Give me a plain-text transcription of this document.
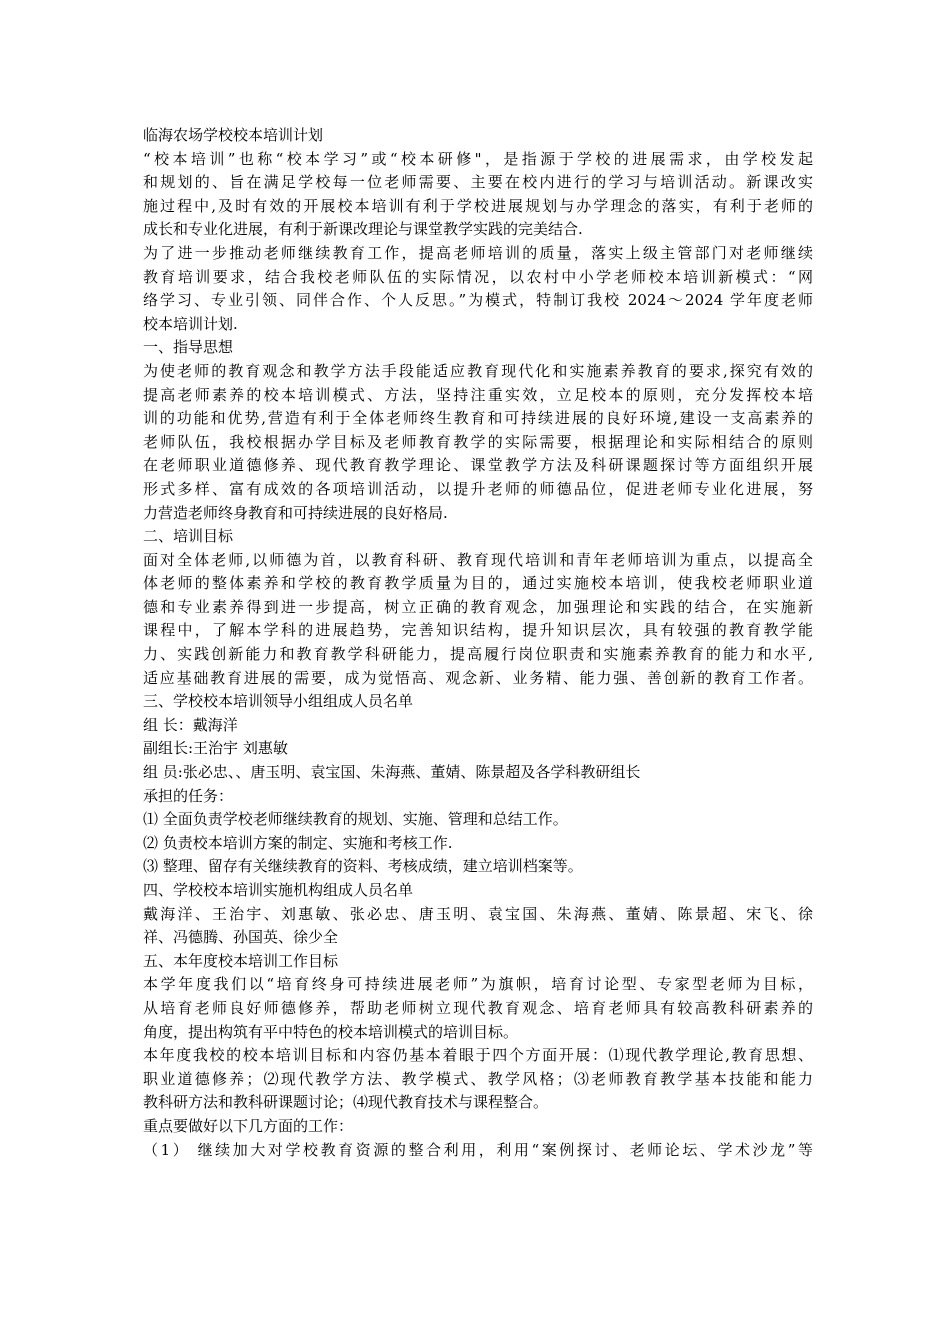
临海农场学校校本培训计划
“校本培训”也称“校本学习”或“校本研修"，是指源于学校的进展需求，由学校发起
和规划的、旨在满足学校每一位老师需要、主要在校内进行的学习与培训活动。新课改实
施过程中,及时有效的开展校本培训有利于学校进展规划与办学理念的落实，有利于老师的
成长和专业化进展，有利于新课改理论与课堂教学实践的完美结合.
为了进一步推动老师继续教育工作，提高老师培训的质量，落实上级主管部门对老师继续
教育培训要求，结合我校老师队伍的实际情况，以农村中小学老师校本培训新模式：“网
络学习、专业引领、同伴合作、个人反思。”为模式，特制订我校 2024～2024 学年度老师
校本培训计划.
一、指导思想
为使老师的教育观念和教学方法手段能适应教育现代化和实施素养教育的要求,探究有效的
提高老师素养的校本培训模式、方法，坚持注重实效，立足校本的原则，充分发挥校本培
训的功能和优势,营造有利于全体老师终生教育和可持续进展的良好环境,建设一支高素养的
老师队伍，我校根据办学目标及老师教育教学的实际需要，根据理论和实际相结合的原则
在老师职业道德修养、现代教育教学理论、课堂教学方法及科研课题探讨等方面组织开展
形式多样、富有成效的各项培训活动，以提升老师的师德品位，促进老师专业化进展，努
力营造老师终身教育和可持续进展的良好格局.
二、培训目标
面对全体老师,以师德为首，以教育科研、教育现代培训和青年老师培训为重点，以提高全
体老师的整体素养和学校的教育教学质量为目的，通过实施校本培训，使我校老师职业道
德和专业素养得到进一步提高，树立正确的教育观念，加强理论和实践的结合，在实施新
课程中，了解本学科的进展趋势，完善知识结构，提升知识层次，具有较强的教育教学能
力、实践创新能力和教育教学科研能力，提高履行岗位职责和实施素养教育的能力和水平,
适应基础教育进展的需要，成为觉悟高、观念新、业务精、能力强、善创新的教育工作者。
三、学校校本培训领导小组组成人员名单
组 长：戴海洋
副组长:王治宇 刘惠敏
组 员:张必忠、、唐玉明、袁宝国、朱海燕、董婧、陈景超及各学科教研组长
承担的任务：
⑴ 全面负责学校老师继续教育的规划、实施、管理和总结工作。
⑵ 负责校本培训方案的制定、实施和考核工作.
⑶ 整理、留存有关继续教育的资料、考核成绩，建立培训档案等。
四、学校校本培训实施机构组成人员名单
戴海洋、王治宇、刘惠敏、张必忠、唐玉明、袁宝国、朱海燕、董婧、陈景超、宋飞、徐
祥、冯德腾、孙国英、徐少全
五、本年度校本培训工作目标
本学年度我们以“培育终身可持续进展老师”为旗帜，培育讨论型、专家型老师为目标，
从培育老师良好师德修养，帮助老师树立现代教育观念、培育老师具有较高教科研素养的
角度，提出构筑有平中特色的校本培训模式的培训目标。
本年度我校的校本培训目标和内容仍基本着眼于四个方面开展：⑴现代教学理论,教育思想、
职业道德修养；⑵现代教学方法、教学模式、教学风格；⑶老师教育教学基本技能和能力
教科研方法和教科研课题讨论；⑷现代教育技术与课程整合。
重点要做好以下几方面的工作：
（1） 继续加大对学校教育资源的整合利用，利用“案例探讨、老师论坛、学术沙龙”等
